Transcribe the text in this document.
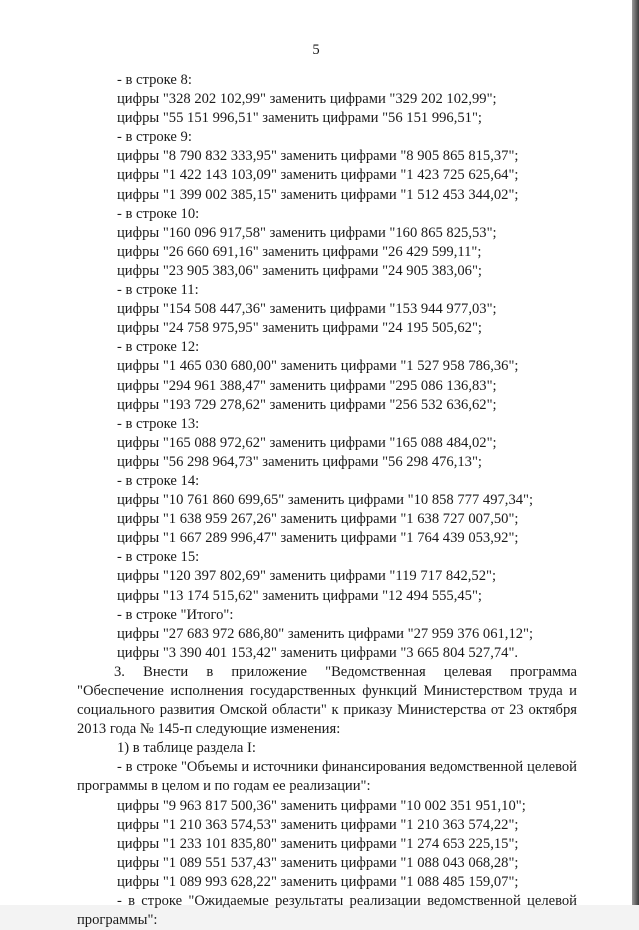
5
- в строке 8:
цифры "328 202 102,99" заменить цифрами "329 202 102,99";
цифры "55 151 996,51" заменить цифрами "56 151 996,51";
- в строке 9:
цифры "8 790 832 333,95" заменить цифрами "8 905 865 815,37";
цифры "1 422 143 103,09" заменить цифрами "1 423 725 625,64";
цифры "1 399 002 385,15" заменить цифрами "1 512 453 344,02";
- в строке 10:
цифры "160 096 917,58" заменить цифрами "160 865 825,53";
цифры "26 660 691,16" заменить цифрами "26 429 599,11";
цифры "23 905 383,06" заменить цифрами "24 905 383,06";
- в строке 11:
цифры "154 508 447,36" заменить цифрами "153 944 977,03";
цифры "24 758 975,95" заменить цифрами "24 195 505,62";
- в строке 12:
цифры "1 465 030 680,00" заменить цифрами "1 527 958 786,36";
цифры "294 961 388,47" заменить цифрами "295 086 136,83";
цифры "193 729 278,62" заменить цифрами "256 532 636,62";
- в строке 13:
цифры "165 088 972,62" заменить цифрами "165 088 484,02";
цифры "56 298 964,73" заменить цифрами "56 298 476,13";
- в строке 14:
цифры "10 761 860 699,65" заменить цифрами "10 858 777 497,34";
цифры "1 638 959 267,26" заменить цифрами "1 638 727 007,50";
цифры "1 667 289 996,47" заменить цифрами "1 764 439 053,92";
- в строке 15:
цифры "120 397 802,69" заменить цифрами "119 717 842,52";
цифры "13 174 515,62" заменить цифрами "12 494 555,45";
- в строке "Итого":
цифры "27 683 972 686,80" заменить цифрами "27 959 376 061,12";
цифры "3 390 401 153,42" заменить цифрами "3 665 804 527,74".
3. Внести в приложение "Ведомственная целевая программа
"Обеспечение исполнения государственных функций Министерством труда и
социального развития Омской области" к приказу Министерства от 23 октября
2013 года № 145-п следующие изменения:
1) в таблице раздела I:
- в строке "Объемы и источники финансирования ведомственной целевой
программы в целом и по годам ее реализации":
цифры "9 963 817 500,36" заменить цифрами "10 002 351 951,10";
цифры "1 210 363 574,53" заменить цифрами "1 210 363 574,22";
цифры "1 233 101 835,80" заменить цифрами "1 274 653 225,15";
цифры "1 089 551 537,43" заменить цифрами "1 088 043 068,28";
цифры "1 089 993 628,22" заменить цифрами "1 088 485 159,07";
- в строке "Ожидаемые результаты реализации ведомственной целевой
программы":
